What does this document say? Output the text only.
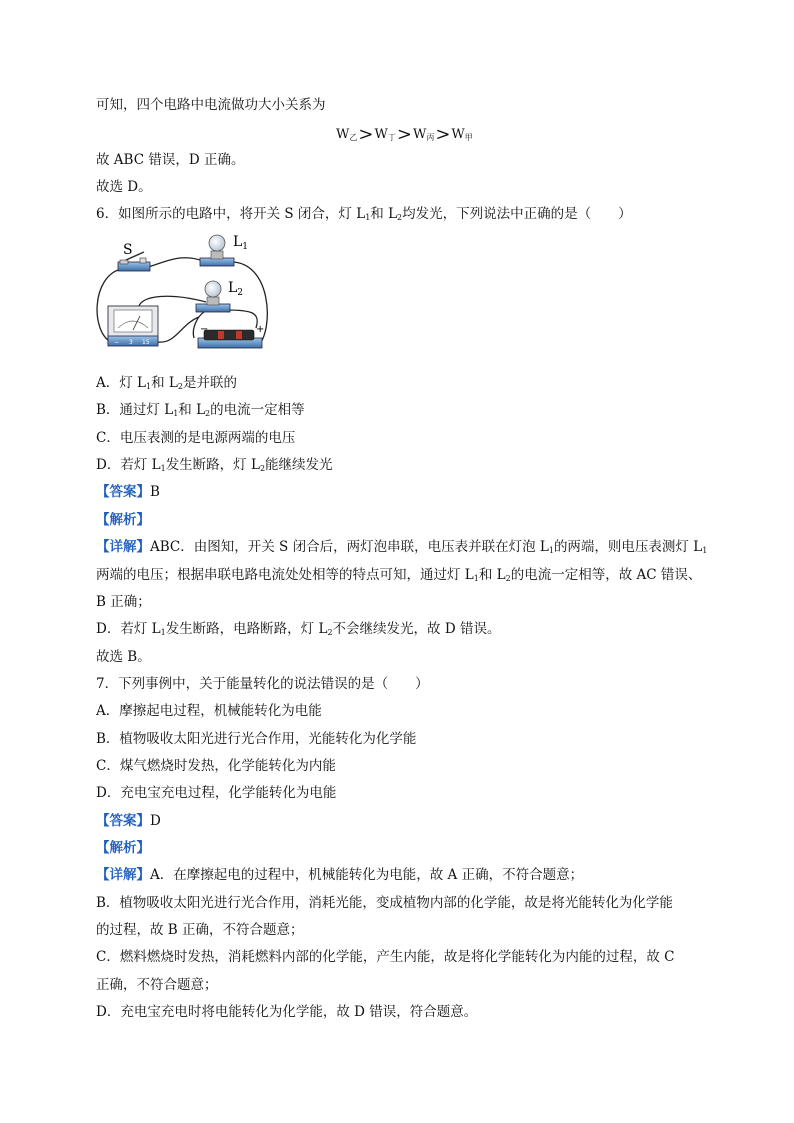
可知，四个电路中电流做功大小关系为
$W_乙>W_丁>W_丙>W_甲$
故 ABC 错误，D 正确。
故选 D。
6．如图所示的电路中，将开关 S 闭合，灯 $L_1$和 $L_2$均发光，下列说法中正确的是（　　）
S	$L_1$
$L_2$
− 3 15
−	+
A．灯 $L_1$和 $L_2$是并联的
B．通过灯 $L_1$和 $L_2$的电流一定相等
C．电压表测的是电源两端的电压
D．若灯 $L_1$发生断路，灯 $L_2$能继续发光
【答案】B
【解析】
【详解】ABC．由图知，开关 S 闭合后，两灯泡串联，电压表并联在灯泡 $L_1$的两端，则电压表测灯 $L_1$
两端的电压；根据串联电路电流处处相等的特点可知，通过灯 $L_1$和 $L_2$的电流一定相等，故 AC 错误、
B 正确；
D．若灯 $L_1$发生断路，电路断路，灯 $L_2$不会继续发光，故 D 错误。
故选 B。
7．下列事例中，关于能量转化的说法错误的是（　　）
A．摩擦起电过程，机械能转化为电能
B．植物吸收太阳光进行光合作用，光能转化为化学能
C．煤气燃烧时发热，化学能转化为内能
D．充电宝充电过程，化学能转化为电能
【答案】D
【解析】
【详解】A．在摩擦起电的过程中，机械能转化为电能，故 A 正确，不符合题意；
B．植物吸收太阳光进行光合作用，消耗光能，变成植物内部的化学能，故是将光能转化为化学能
的过程，故 B 正确，不符合题意；
C．燃料燃烧时发热，消耗燃料内部的化学能，产生内能，故是将化学能转化为内能的过程，故 C
正确，不符合题意；
D．充电宝充电时将电能转化为化学能，故 D 错误，符合题意。
